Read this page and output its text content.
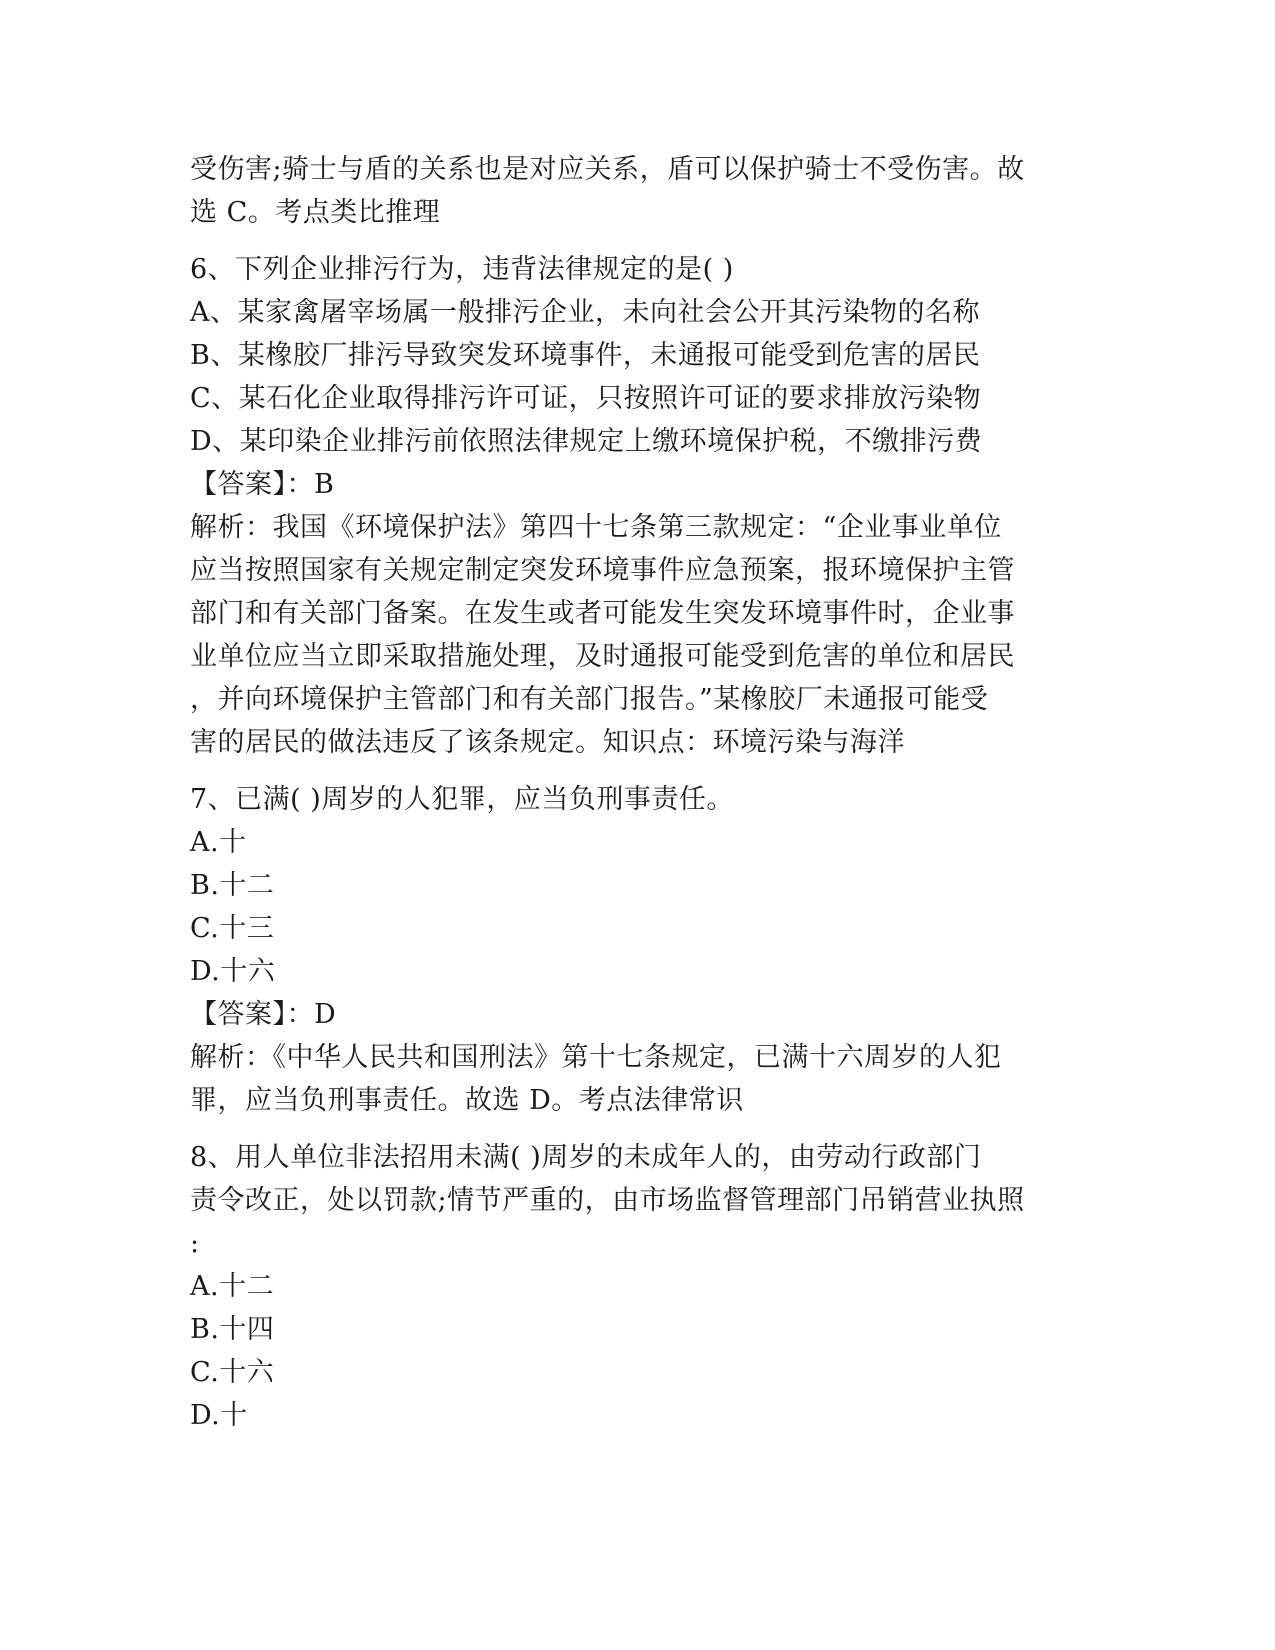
受伤害;骑士与盾的关系也是对应关系，盾可以保护骑士不受伤害。故
选 C。考点类比推理
6、下列企业排污行为，违背法律规定的是( )
A、某家禽屠宰场属一般排污企业，未向社会公开其污染物的名称
B、某橡胶厂排污导致突发环境事件，未通报可能受到危害的居民
C、某石化企业取得排污许可证，只按照许可证的要求排放污染物
D、某印染企业排污前依照法律规定上缴环境保护税，不缴排污费
【答案】：B
解析：我国《环境保护法》第四十七条第三款规定：“企业事业单位
应当按照国家有关规定制定突发环境事件应急预案，报环境保护主管
部门和有关部门备案。在发生或者可能发生突发环境事件时，企业事
业单位应当立即采取措施处理，及时通报可能受到危害的单位和居民
，并向环境保护主管部门和有关部门报告。”某橡胶厂未通报可能受
害的居民的做法违反了该条规定。知识点：环境污染与海洋
7、已满( )周岁的人犯罪，应当负刑事责任。
A.十
B.十二
C.十三
D.十六
【答案】：D
解析：《中华人民共和国刑法》第十七条规定，已满十六周岁的人犯
罪，应当负刑事责任。故选 D。考点法律常识
8、用人单位非法招用未满( )周岁的未成年人的，由劳动行政部门
责令改正，处以罚款;情节严重的，由市场监督管理部门吊销营业执照
:
A.十二
B.十四
C.十六
D.十
